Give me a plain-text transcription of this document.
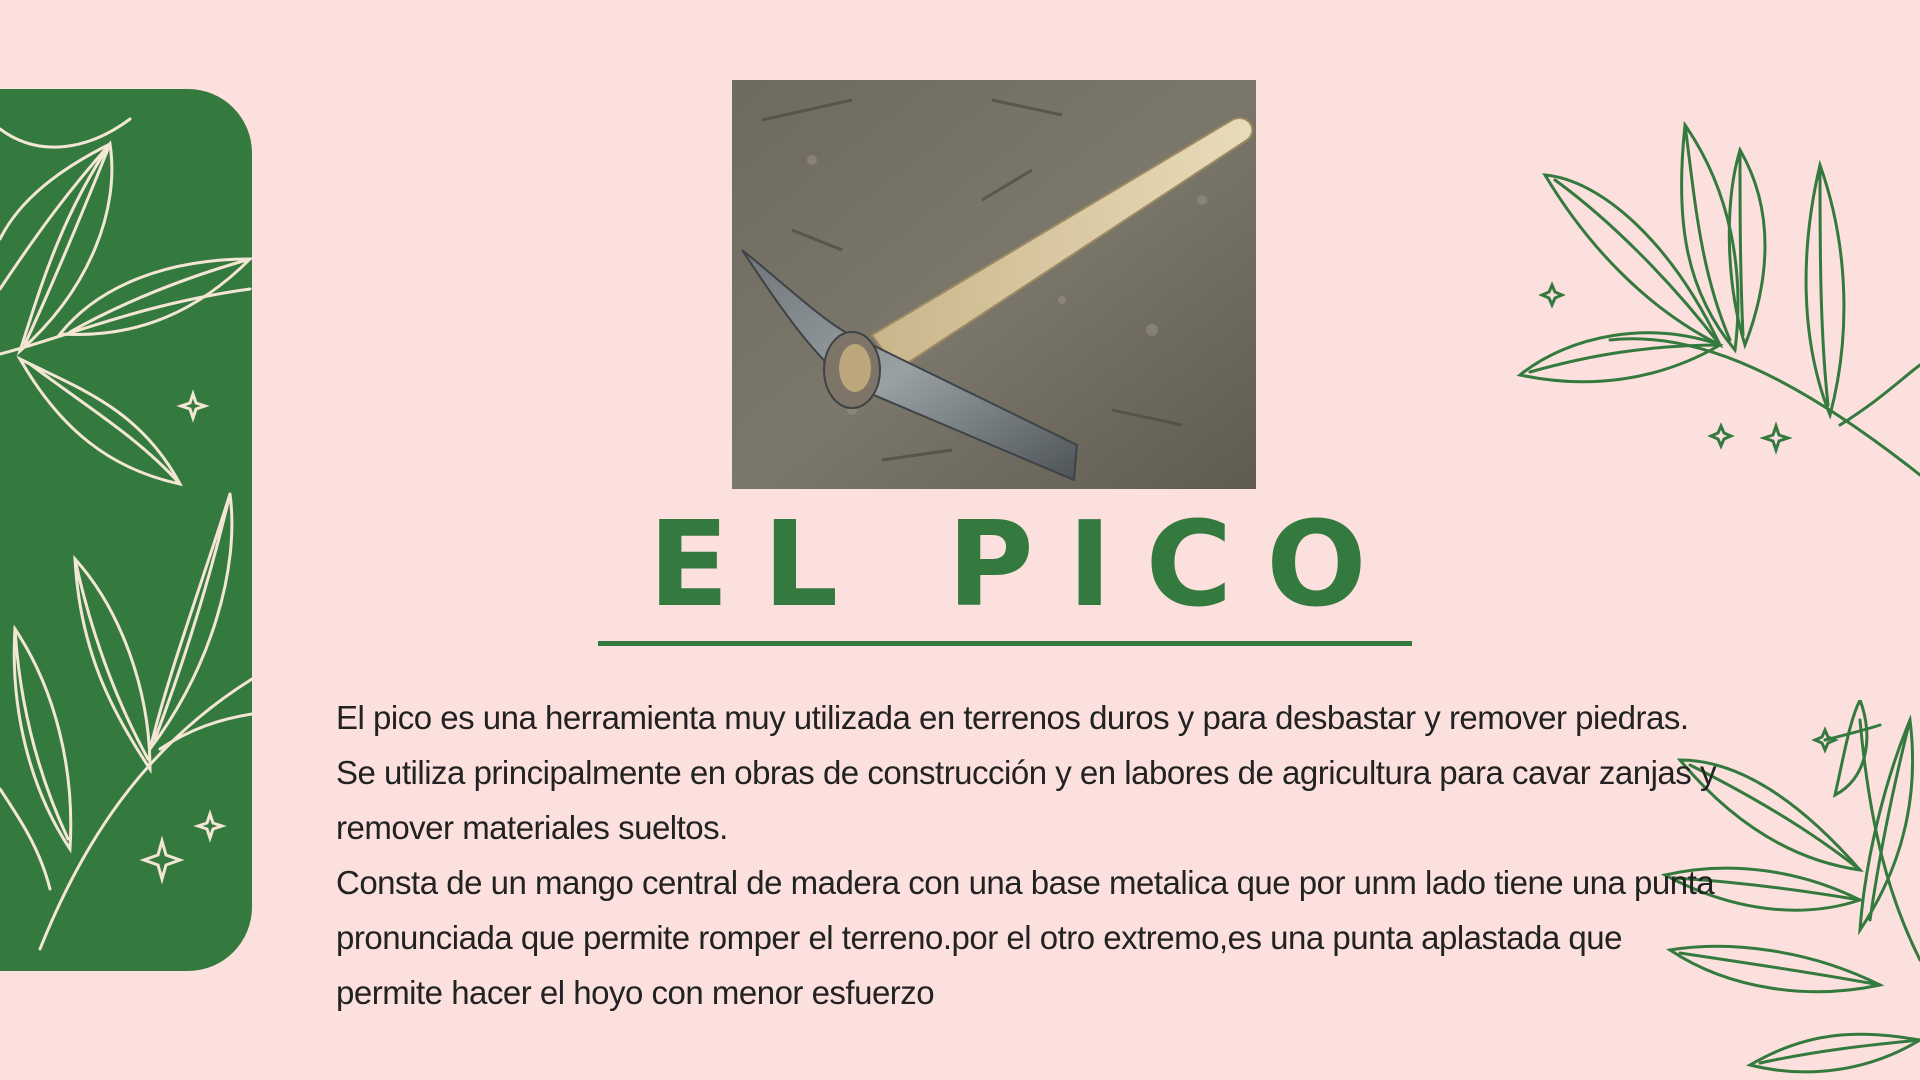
EL PICO

El pico es una herramienta muy utilizada en terrenos duros y para desbastar y remover piedras. Se utiliza principalmente en obras de construcción y en labores de agricultura para cavar zanjas y remover materiales sueltos.

Consta de un mango central de madera con una base metalica que por unm lado tiene una punta pronunciada que permite romper el terreno.por el otro extremo,es una punta aplastada que permite hacer el hoyo con menor esfuerzo
